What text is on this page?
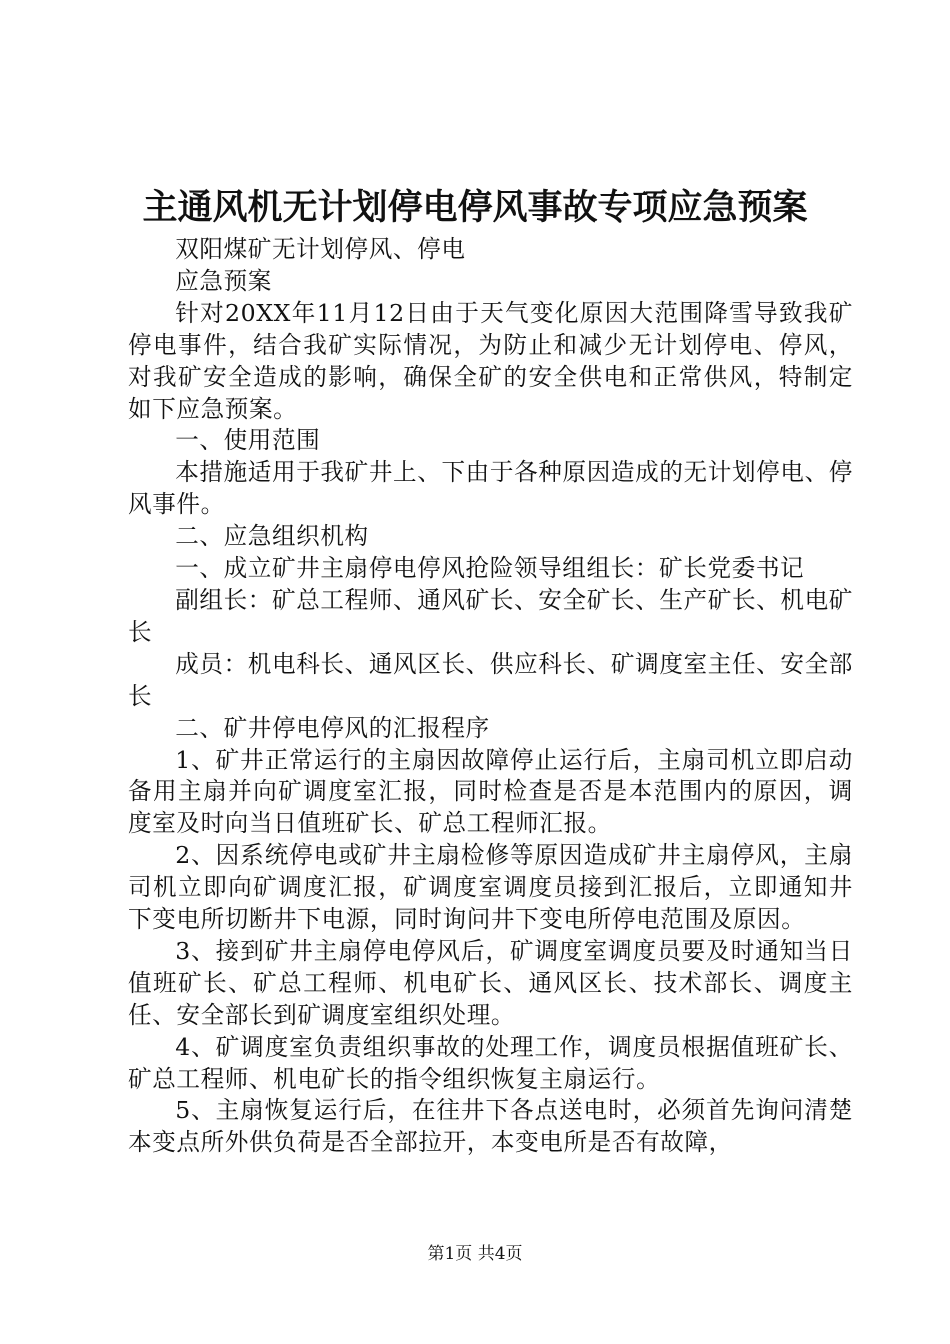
主通风机无计划停电停风事故专项应急预案

双阳煤矿无计划停风、停电

应急预案

针对20XX年11月12日由于天气变化原因大范围降雪导致我矿停电事件，结合我矿实际情况，为防止和减少无计划停电、停风，对我矿安全造成的影响，确保全矿的安全供电和正常供风，特制定如下应急预案。

一、使用范围

本措施适用于我矿井上、下由于各种原因造成的无计划停电、停风事件。

二、应急组织机构

一、成立矿井主扇停电停风抢险领导组组长：矿长党委书记

副组长：矿总工程师、通风矿长、安全矿长、生产矿长、机电矿长

成员：机电科长、通风区长、供应科长、矿调度室主任、安全部长

二、矿井停电停风的汇报程序

1、矿井正常运行的主扇因故障停止运行后，主扇司机立即启动备用主扇并向矿调度室汇报，同时检查是否是本范围内的原因，调度室及时向当日值班矿长、矿总工程师汇报。

2、因系统停电或矿井主扇检修等原因造成矿井主扇停风，主扇司机立即向矿调度汇报，矿调度室调度员接到汇报后，立即通知井下变电所切断井下电源，同时询问井下变电所停电范围及原因。

3、接到矿井主扇停电停风后，矿调度室调度员要及时通知当日值班矿长、矿总工程师、机电矿长、通风区长、技术部长、调度主任、安全部长到矿调度室组织处理。

4、矿调度室负责组织事故的处理工作，调度员根据值班矿长、矿总工程师、机电矿长的指令组织恢复主扇运行。

5、主扇恢复运行后，在往井下各点送电时，必须首先询问清楚本变点所外供负荷是否全部拉开，本变电所是否有故障，

第1页 共4页
